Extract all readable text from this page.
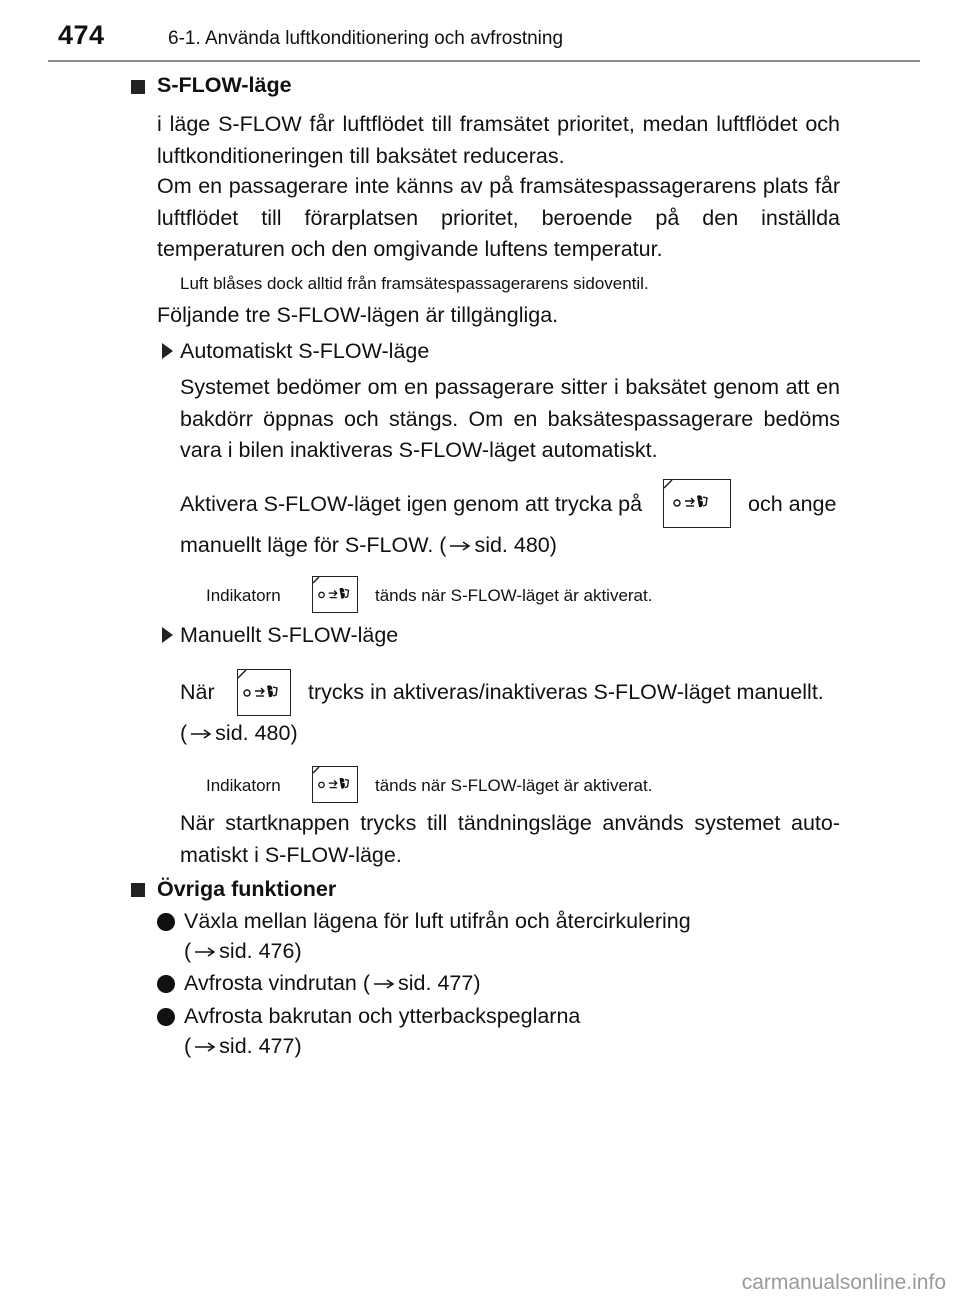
474	6-1. Använda luftkonditionering och avfrostning
S-FLOW-läge
i läge S-FLOW får luftflödet till framsätet prioritet, medan luftflödet och luftkonditioneringen till baksätet reduceras.
Om en passagerare inte känns av på framsätespassagerarens plats får luftflödet till förarplatsen prioritet, beroende på den inställda temperaturen och den omgivande luftens temperatur.
Luft blåses dock alltid från framsätespassagerarens sidoventil.
Följande tre S-FLOW-lägen är tillgängliga.
Automatiskt S-FLOW-läge
Systemet bedömer om en passagerare sitter i baksätet genom att en bakdörr öppnas och stängs. Om en baksätespassagerare bedöms vara i bilen inaktiveras S-FLOW-läget automatiskt.
Aktivera S-FLOW-läget igen genom att trycka på	och ange
manuellt läge för S-FLOW. ( sid. 480)
Indikatorn	tänds när S-FLOW-läget är aktiverat.
Manuellt S-FLOW-läge
När	trycks in aktiveras/inaktiveras S-FLOW-läget manuellt.
( sid. 480)
Indikatorn	tänds när S-FLOW-läget är aktiverat.
När startknappen trycks till tändningsläge används systemet auto-matiskt i S-FLOW-läge.
Övriga funktioner
Växla mellan lägena för luft utifrån och återcirkulering
( sid. 476)
Avfrosta vindrutan ( sid. 477)
Avfrosta bakrutan och ytterbackspeglarna
( sid. 477)
carmanualsonline.info
